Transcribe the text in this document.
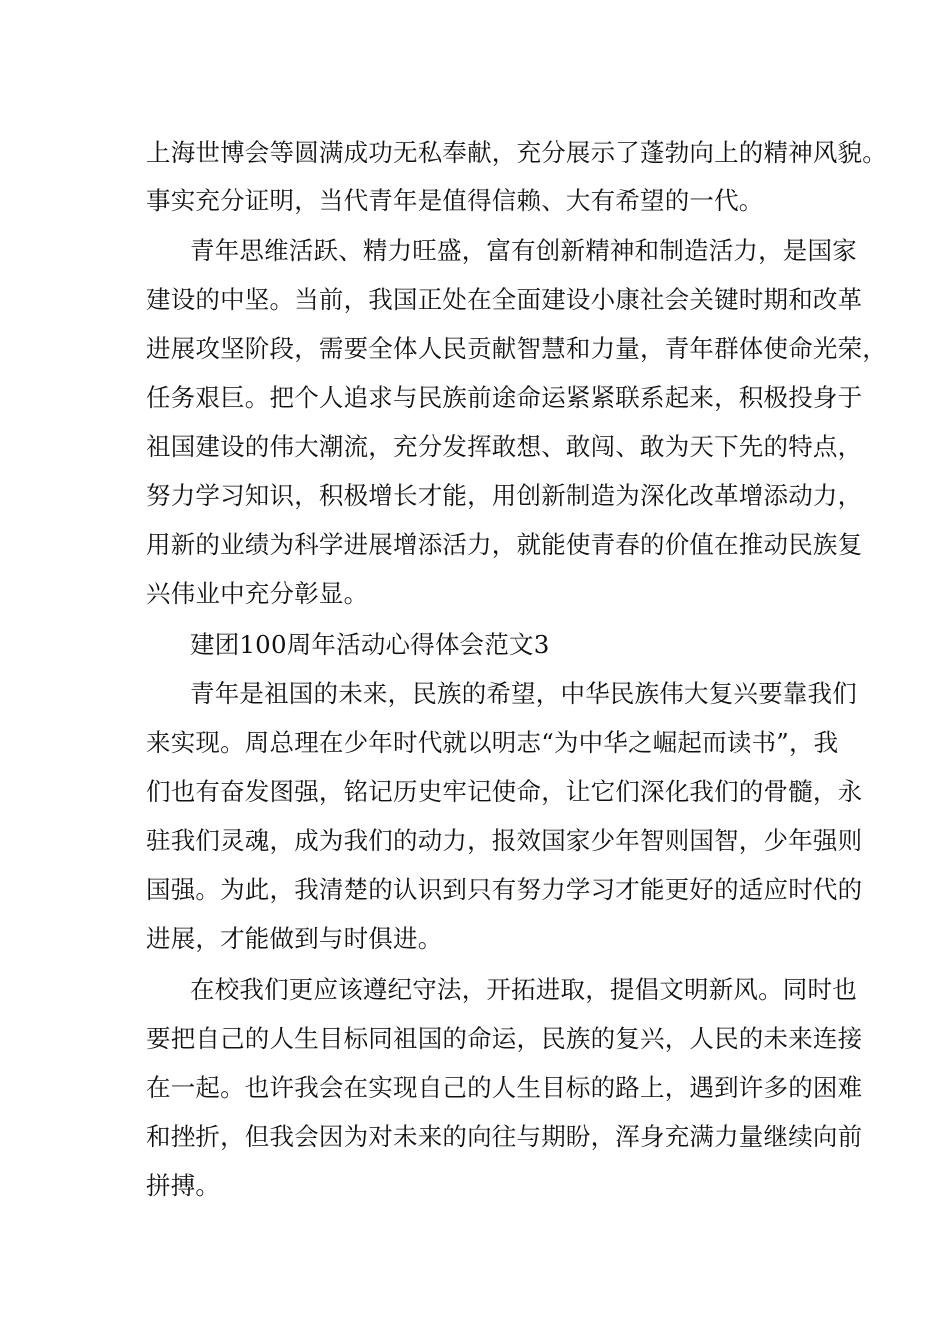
上海世博会等圆满成功无私奉献，充分展示了蓬勃向上的精神风貌。
事实充分证明，当代青年是值得信赖、大有希望的一代。
青年思维活跃、精力旺盛，富有创新精神和制造活力，是国家
建设的中坚。当前，我国正处在全面建设小康社会关键时期和改革
进展攻坚阶段，需要全体人民贡献智慧和力量，青年群体使命光荣，
任务艰巨。把个人追求与民族前途命运紧紧联系起来，积极投身于
祖国建设的伟大潮流，充分发挥敢想、敢闯、敢为天下先的特点，
努力学习知识，积极增长才能，用创新制造为深化改革增添动力，
用新的业绩为科学进展增添活力，就能使青春的价值在推动民族复
兴伟业中充分彰显。
建团100周年活动心得体会范文3
青年是祖国的未来，民族的希望，中华民族伟大复兴要靠我们
来实现。周总理在少年时代就以明志“为中华之崛起而读书”，我
们也有奋发图强，铭记历史牢记使命，让它们深化我们的骨髓，永
驻我们灵魂，成为我们的动力，报效国家少年智则国智，少年强则
国强。为此，我清楚的认识到只有努力学习才能更好的适应时代的
进展，才能做到与时俱进。
在校我们更应该遵纪守法，开拓进取，提倡文明新风。同时也
要把自己的人生目标同祖国的命运，民族的复兴，人民的未来连接
在一起。也许我会在实现自己的人生目标的路上，遇到许多的困难
和挫折，但我会因为对未来的向往与期盼，浑身充满力量继续向前
拼搏。
